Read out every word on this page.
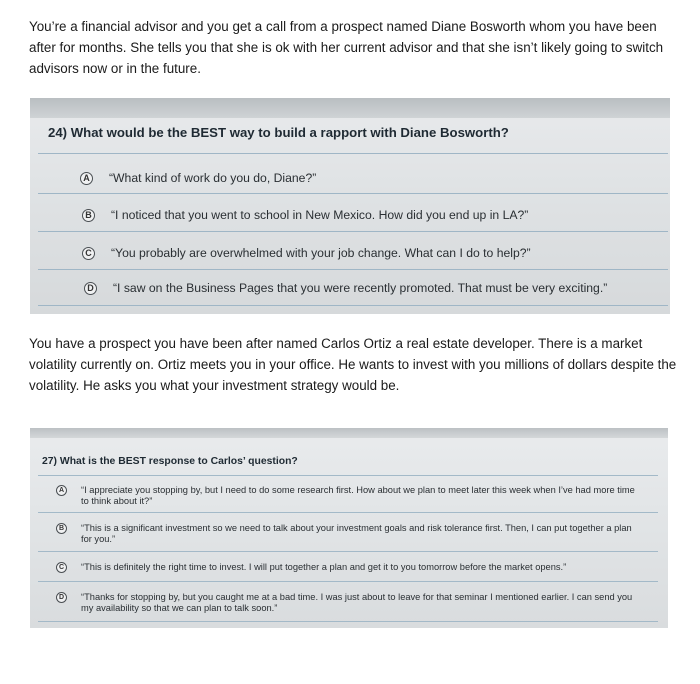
You’re a financial advisor and you get a call from a prospect named Diane Bosworth whom you have been after for months. She tells you that she is ok with her current advisor and that she isn’t likely going to switch advisors now or in the future.
24) What would be the BEST way to build a rapport with Diane Bosworth?
A “What kind of work do you do, Diane?”
B “I noticed that you went to school in New Mexico. How did you end up in LA?”
C “You probably are overwhelmed with your job change. What can I do to help?”
D “I saw on the Business Pages that you were recently promoted. That must be very exciting.”
You have a prospect you have been after named Carlos Ortiz a real estate developer. There is a market volatility currently on. Ortiz meets you in your office. He wants to invest with you millions of dollars despite the volatility. He asks you what your investment strategy would be.
27) What is the BEST response to Carlos’ question?
A	“I appreciate you stopping by, but I need to do some research first. How about we plan to meet later this week when I’ve had more time to think about it?”
B	“This is a significant investment so we need to talk about your investment goals and risk tolerance first. Then, I can put together a plan for you.”
C	“This is definitely the right time to invest. I will put together a plan and get it to you tomorrow before the market opens.”
D	“Thanks for stopping by, but you caught me at a bad time. I was just about to leave for that seminar I mentioned earlier. I can send you my availability so that we can plan to talk soon.”
